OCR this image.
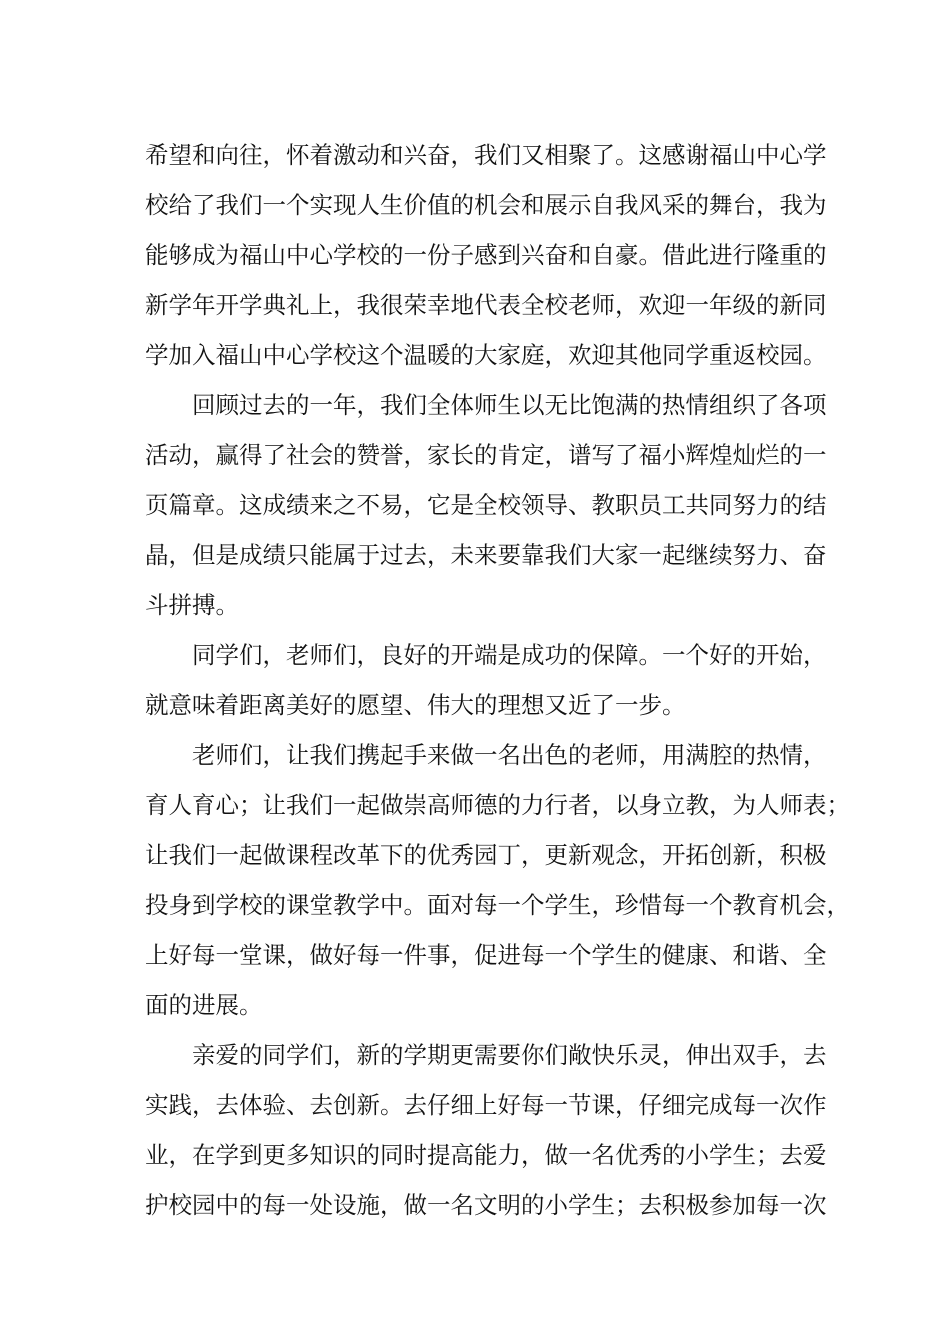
希望和向往，怀着激动和兴奋，我们又相聚了。这感谢福山中心学
校给了我们一个实现人生价值的机会和展示自我风采的舞台，我为
能够成为福山中心学校的一份子感到兴奋和自豪。借此进行隆重的
新学年开学典礼上，我很荣幸地代表全校老师，欢迎一年级的新同
学加入福山中心学校这个温暖的大家庭，欢迎其他同学重返校园。
回顾过去的一年，我们全体师生以无比饱满的热情组织了各项
活动，赢得了社会的赞誉，家长的肯定，谱写了福小辉煌灿烂的一
页篇章。这成绩来之不易，它是全校领导、教职员工共同努力的结
晶，但是成绩只能属于过去，未来要靠我们大家一起继续努力、奋
斗拼搏。
同学们，老师们，良好的开端是成功的保障。一个好的开始，
就意味着距离美好的愿望、伟大的理想又近了一步。
老师们，让我们携起手来做一名出色的老师，用满腔的热情，
育人育心；让我们一起做崇高师德的力行者，以身立教，为人师表；
让我们一起做课程改革下的优秀园丁，更新观念，开拓创新，积极
投身到学校的课堂教学中。面对每一个学生，珍惜每一个教育机会，
上好每一堂课，做好每一件事，促进每一个学生的健康、和谐、全
面的进展。
亲爱的同学们，新的学期更需要你们敞快乐灵，伸出双手，去
实践，去体验、去创新。去仔细上好每一节课，仔细完成每一次作
业，在学到更多知识的同时提高能力，做一名优秀的小学生；去爱
护校园中的每一处设施，做一名文明的小学生；去积极参加每一次
